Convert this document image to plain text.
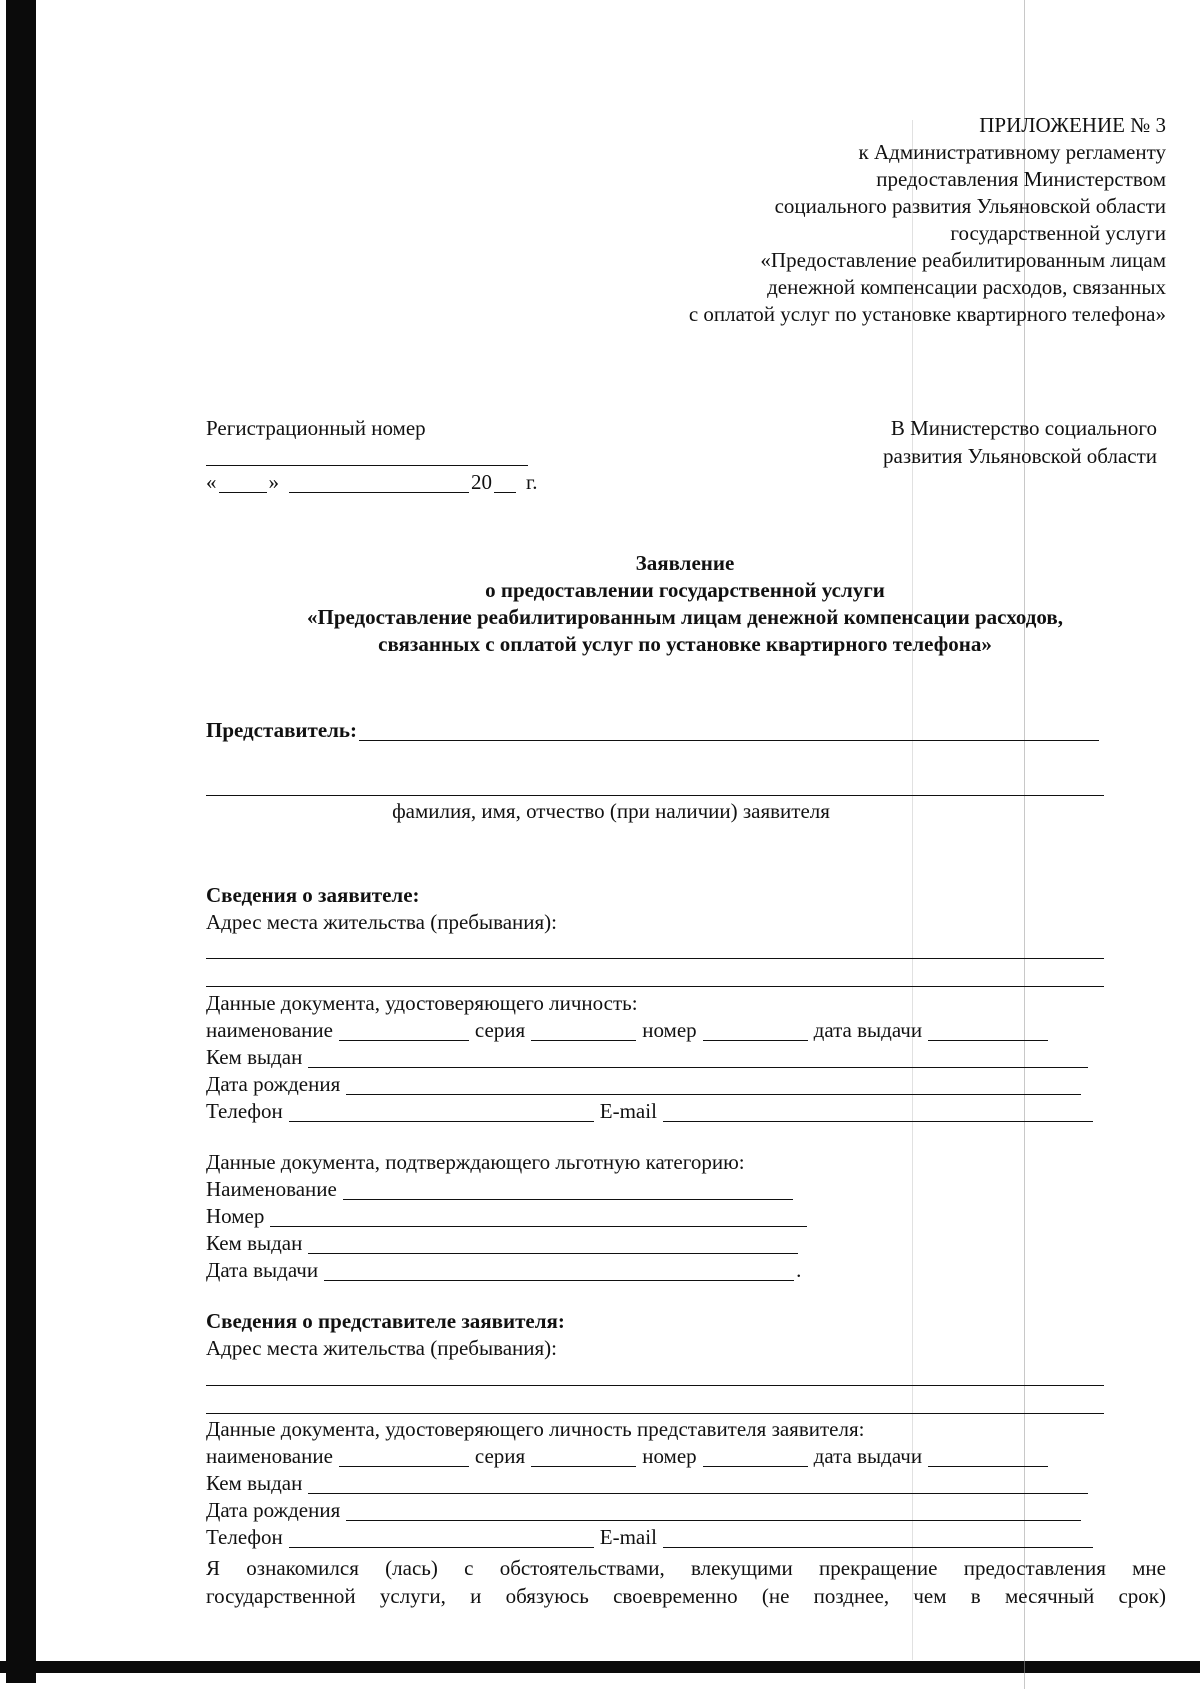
ПРИЛОЖЕНИЕ № 3
к Административному регламенту
предоставления Министерством
социального развития Ульяновской области
государственной услуги
«Предоставление реабилитированным лицам
денежной компенсации расходов, связанных
с оплатой услуг по установке квартирного телефона»
Регистрационный номер
« »	20 г.
В Министерство социального
развития Ульяновской области
Заявление
о предоставлении государственной услуги
«Предоставление реабилитированным лицам денежной компенсации расходов,
связанных с оплатой услуг по установке квартирного телефона»
Представитель:
фамилия, имя, отчество (при наличии) заявителя
Сведения о заявителе:
Адрес места жительства (пребывания):
Данные документа, удостоверяющего личность:
наименование	серия	номер	дата выдачи
Кем выдан
Дата рождения
Телефон	E-mail
Данные документа, подтверждающего льготную категорию:
Наименование
Номер
Кем выдан
Дата выдачи	.
Сведения о представителе заявителя:
Адрес места жительства (пребывания):
Данные документа, удостоверяющего личность представителя заявителя:
наименование	серия	номер	дата выдачи
Кем выдан
Дата рождения
Телефон	E-mail
Я ознакомился (лась) с обстоятельствами, влекущими прекращение предоставления мне
государственной услуги, и обязуюсь своевременно (не позднее, чем в месячный срок)
